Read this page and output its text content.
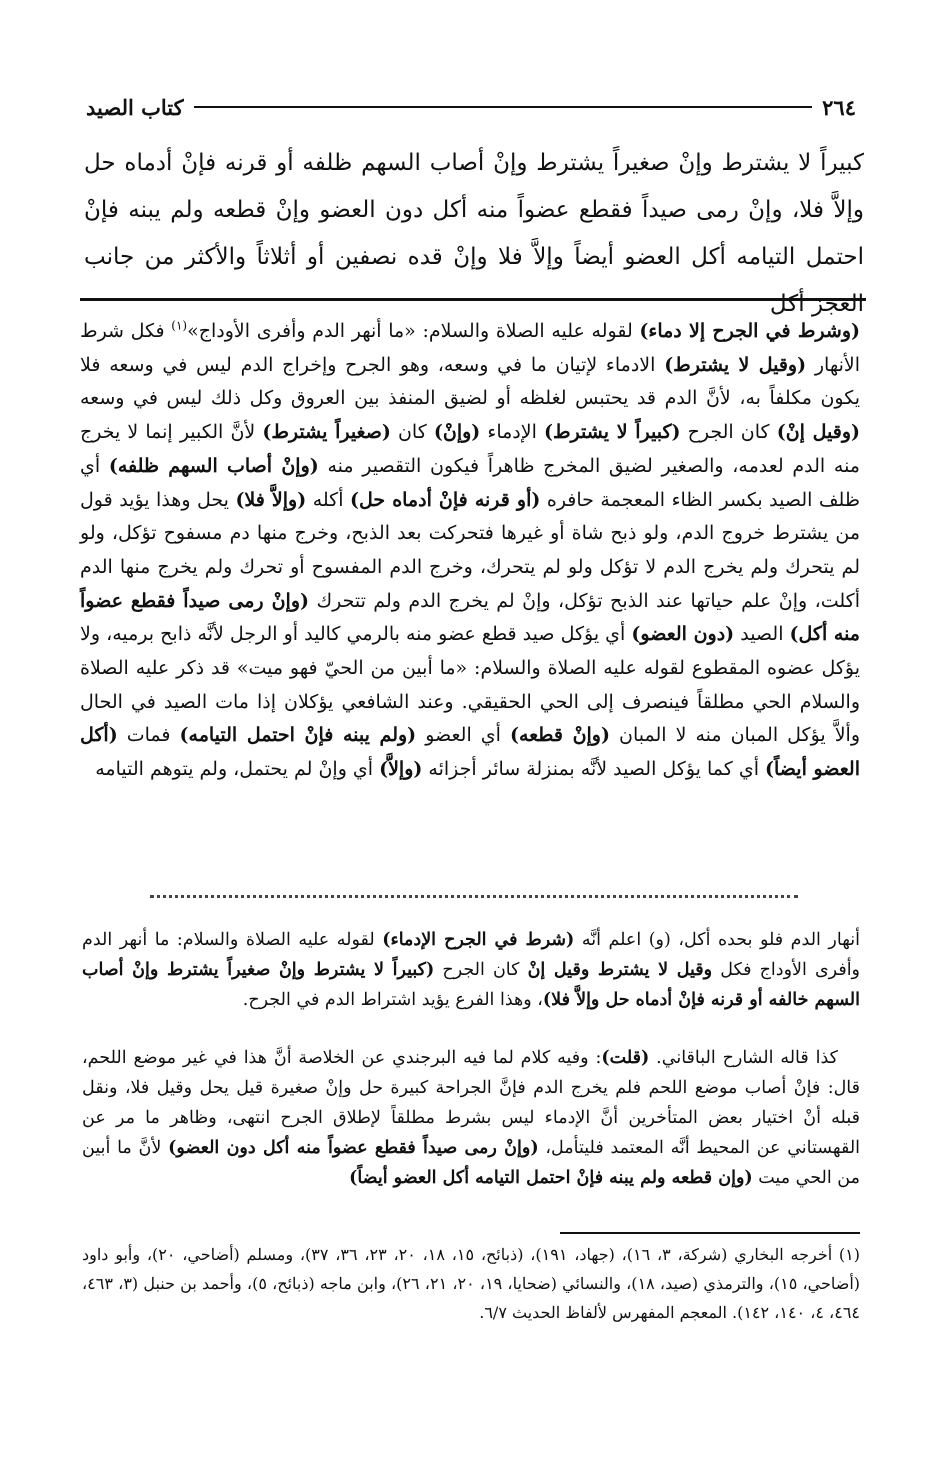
٢٦٤
كتاب الصيد
كبيراً لا يشترط وإنْ صغيراً يشترط وإنْ أصاب السهم ظلفه أو قرنه فإنْ أدماه حل وإلاَّ فلا، وإنْ رمى صيداً فقطع عضواً منه أكل دون العضو وإنْ قطعه ولم يبنه فإنْ احتمل التيامه أكل العضو أيضاً وإلاَّ فلا وإنْ قده نصفين أو أثلاثاً والأكثر من جانب العجز أكل
(وشرط في الجرح إلا دماء) لقوله عليه الصلاة والسلام: «ما أنهر الدم وأفرى الأوداج»$^{(١)}$ فكل شرط الأنهار (وقيل لا يشترط) الادماء لإتيان ما في وسعه، وهو الجرح وإخراج الدم ليس في وسعه فلا يكون مكلفاً به، لأنَّ الدم قد يحتبس لغلظه أو لضيق المنفذ بين العروق وكل ذلك ليس في وسعه (وقيل إنْ) كان الجرح (كبيراً لا يشترط) الإدماء (وإنْ) كان (صغيراً يشترط) لأنَّ الكبير إنما لا يخرج منه الدم لعدمه، والصغير لضيق المخرج ظاهراً فيكون التقصير منه (وإنْ أصاب السهم ظلفه) أي ظلف الصيد بكسر الظاء المعجمة حافره (أو قرنه فإنْ أدماه حل) أكله (وإلاَّ فلا) يحل وهذا يؤيد قول من يشترط خروج الدم، ولو ذبح شاة أو غيرها فتحركت بعد الذبح، وخرج منها دم مسفوح تؤكل، ولو لم يتحرك ولم يخرج الدم لا تؤكل ولو لم يتحرك، وخرج الدم المفسوح أو تحرك ولم يخرج منها الدم أكلت، وإنْ علم حياتها عند الذبح تؤكل، وإنْ لم يخرج الدم ولم تتحرك (وإنْ رمى صيداً فقطع عضواً منه أكل) الصيد (دون العضو) أي يؤكل صيد قطع عضو منه بالرمي كاليد أو الرجل لأنَّه ذابح برميه، ولا يؤكل عضوه المقطوع لقوله عليه الصلاة والسلام: «ما أبين من الحيّ فهو ميت» قد ذكر عليه الصلاة والسلام الحي مطلقاً فينصرف إلى الحي الحقيقي. وعند الشافعي يؤكلان إذا مات الصيد في الحال وألاَّ يؤكل المبان منه لا المبان (وإنْ قطعه) أي العضو (ولم يبنه فإنْ احتمل التيامه) فمات (أكل العضو أيضاً) أي كما يؤكل الصيد لأنَّه بمنزلة سائر أجزائه (وإلاَّ) أي وإنْ لم يحتمل، ولم يتوهم التيامه
أنهار الدم فلو بحده أكل، (و) اعلم أنَّه (شرط في الجرح الإدماء) لقوله عليه الصلاة والسلام: ما أنهر الدم وأفرى الأوداج فكل وقيل لا يشترط وقيل إنْ كان الجرح (كبيراً لا يشترط وإنْ صغيراً يشترط وإنْ أصاب السهم خالفه أو قرنه فإنْ أدماه حل وإلاَّ فلا)، وهذا الفرع يؤيد اشتراط الدم في الجرح.
كذا قاله الشارح الباقاني. (قلت): وفيه كلام لما فيه البرجندي عن الخلاصة أنَّ هذا في غير موضع اللحم، قال: فإنْ أصاب موضع اللحم فلم يخرج الدم فإنَّ الجراحة كبيرة حل وإنْ صغيرة قيل يحل وقيل فلا، ونقل قبله أنْ اختيار بعض المتأخرين أنَّ الإدماء ليس بشرط مطلقاً لإطلاق الجرح انتهى، وظاهر ما مر عن القهستاني عن المحيط أنَّه المعتمد فليتأمل، (وإنْ رمى صيداً فقطع عضواً منه أكل دون العضو) لأنَّ ما أبين من الحي ميت (وإن قطعه ولم يبنه فإنْ احتمل التيامه أكل العضو أيضاً)
(١) أخرجه البخاري (شركة، ٣، ١٦)، (جهاد، ١٩١)، (ذبائح، ١٥، ١٨، ٢٠، ٢٣، ٣٦، ٣٧)، ومسلم (أضاحي، ٢٠)، وأبو داود (أضاحي، ١٥)، والترمذي (صيد، ١٨)، والنسائي (ضحايا، ١٩، ٢٠، ٢١، ٢٦)، وابن ماجه (ذبائح، ٥)، وأحمد بن حنبل (٣، ٤٦٣، ٤٦٤، ٤، ١٤٠، ١٤٢). المعجم المفهرس لألفاظ الحديث ٦/٧.
